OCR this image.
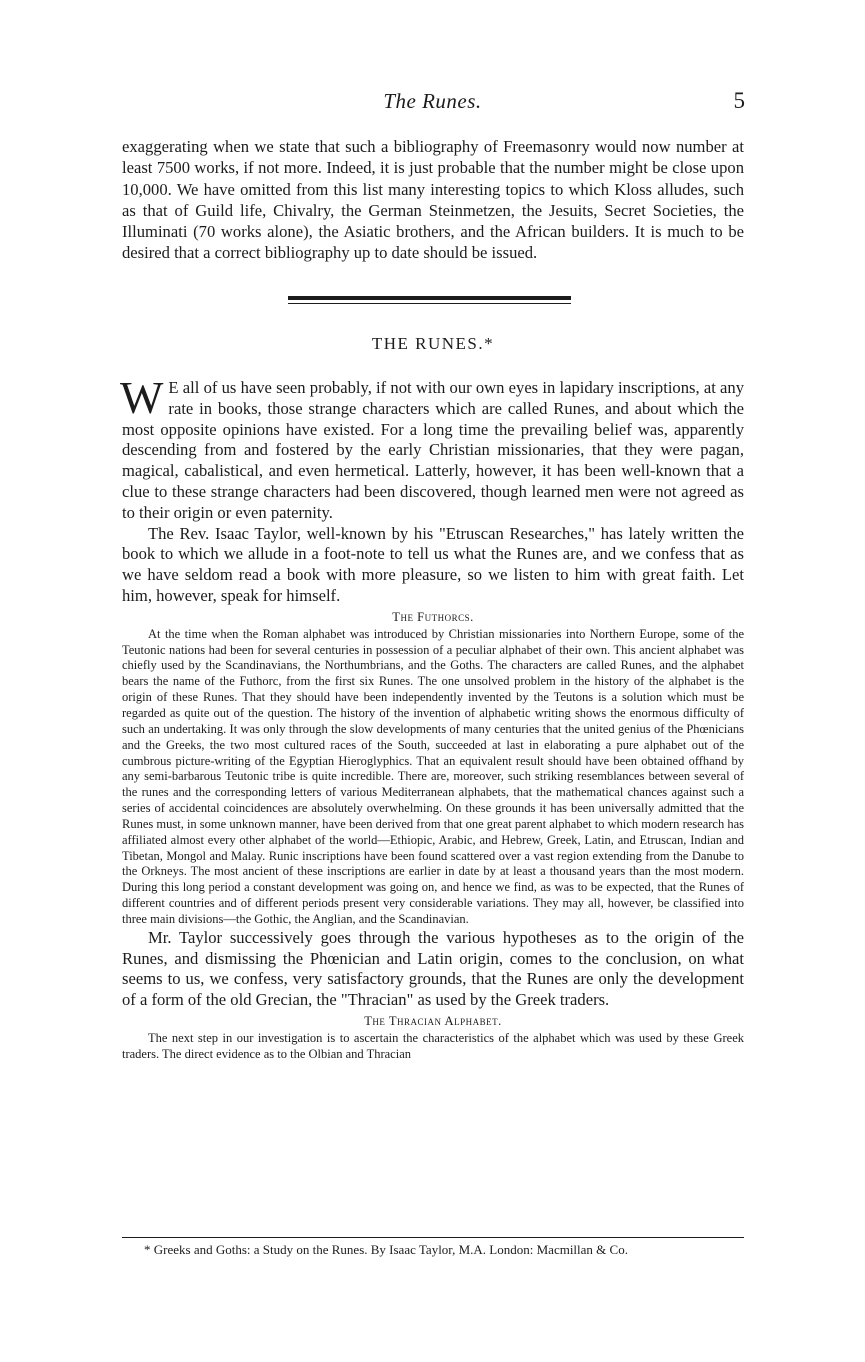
The Runes.	5

exaggerating when we state that such a bibliography of Freemasonry would now number at least 7500 works, if not more. Indeed, it is just probable that the number might be close upon 10,000. We have omitted from this list many interesting topics to which Kloss alludes, such as that of Guild life, Chivalry, the German Steinmetzen, the Jesuits, Secret Societies, the Illuminati (70 works alone), the Asiatic brothers, and the African builders. It is much to be desired that a correct bibliography up to date should be issued.

THE RUNES.*

W E all of us have seen probably, if not with our own eyes in lapidary inscriptions, at any rate in books, those strange characters which are called Runes, and about which the most opposite opinions have existed. For a long time the prevailing belief was, apparently descending from and fostered by the early Christian missionaries, that they were pagan, magical, cabalistical, and even hermetical. Latterly, however, it has been well-known that a clue to these strange characters had been discovered, though learned men were not agreed as to their origin or even paternity.

The Rev. Isaac Taylor, well-known by his "Etruscan Researches," has lately written the book to which we allude in a foot-note to tell us what the Runes are, and we confess that as we have seldom read a book with more pleasure, so we listen to him with great faith. Let him, however, speak for himself.

The Futhorcs.

At the time when the Roman alphabet was introduced by Christian missionaries into Northern Europe, some of the Teutonic nations had been for several centuries in possession of a peculiar alphabet of their own. This ancient alphabet was chiefly used by the Scandinavians, the Northumbrians, and the Goths. The characters are called Runes, and the alphabet bears the name of the Futhorc, from the first six Runes. The one unsolved problem in the history of the alphabet is the origin of these Runes. That they should have been independently invented by the Teutons is a solution which must be regarded as quite out of the question. The history of the invention of alphabetic writing shows the enormous difficulty of such an undertaking. It was only through the slow developments of many centuries that the united genius of the Phœnicians and the Greeks, the two most cultured races of the South, succeeded at last in elaborating a pure alphabet out of the cumbrous picture-writing of the Egyptian Hieroglyphics. That an equivalent result should have been obtained offhand by any semi-barbarous Teutonic tribe is quite incredible. There are, moreover, such striking resemblances between several of the runes and the corresponding letters of various Mediterranean alphabets, that the mathematical chances against such a series of accidental coincidences are absolutely overwhelming. On these grounds it has been universally admitted that the Runes must, in some unknown manner, have been derived from that one great parent alphabet to which modern research has affiliated almost every other alphabet of the world—Ethiopic, Arabic, and Hebrew, Greek, Latin, and Etruscan, Indian and Tibetan, Mongol and Malay. Runic inscriptions have been found scattered over a vast region extending from the Danube to the Orkneys. The most ancient of these inscriptions are earlier in date by at least a thousand years than the most modern. During this long period a constant development was going on, and hence we find, as was to be expected, that the Runes of different countries and of different periods present very considerable variations. They may all, however, be classified into three main divisions—the Gothic, the Anglian, and the Scandinavian.

Mr. Taylor successively goes through the various hypotheses as to the origin of the Runes, and dismissing the Phœnician and Latin origin, comes to the conclusion, on what seems to us, we confess, very satisfactory grounds, that the Runes are only the development of a form of the old Grecian, the "Thracian" as used by the Greek traders.

The Thracian Alphabet.

The next step in our investigation is to ascertain the characteristics of the alphabet which was used by these Greek traders. The direct evidence as to the Olbian and Thracian

* Greeks and Goths: a Study on the Runes. By Isaac Taylor, M.A. London: Macmillan & Co.
